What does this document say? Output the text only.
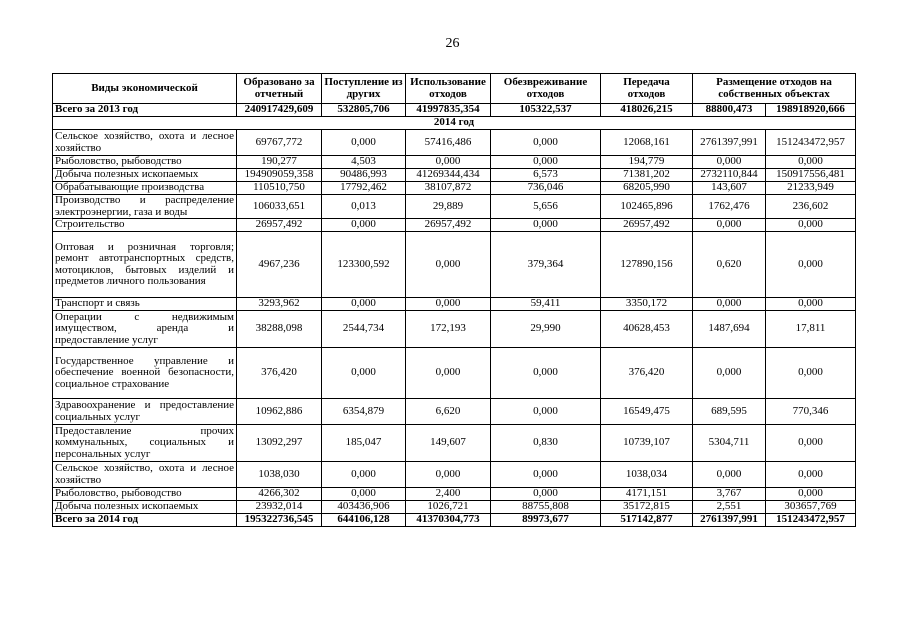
26
Виды экономической	Образовано за отчетный	Поступление из других	Использование отходов	Обезвреживание отходов	Передача отходов	Размещение отходов на собственных объектах	
Всего за 2013 год	240917429,609	532805,706	41997835,354	105322,537	418026,215	88800,473	198918920,666
2014 год							
Сельское хозяйство, охота и лесное хозяйство	69767,772	0,000	57416,486	0,000	12068,161	2761397,991	151243472,957
Рыболовство, рыбоводство	190,277	4,503	0,000	0,000	194,779	0,000	0,000
Добыча полезных ископаемых	194909059,358	90486,993	41269344,434	6,573	71381,202	2732110,844	150917556,481
Обрабатывающие производства	110510,750	17792,462	38107,872	736,046	68205,990	143,607	21233,949
Производство и распределение электроэнергии, газа и воды	106033,651	0,013	29,889	5,656	102465,896	1762,476	236,602
Строительство	26957,492	0,000	26957,492	0,000	26957,492	0,000	0,000
Оптовая и розничная торговля; ремонт автотранспортных средств, мотоциклов, бытовых изделий и предметов личного пользования	4967,236	123300,592	0,000	379,364	127890,156	0,620	0,000
Транспорт и связь	3293,962	0,000	0,000	59,411	3350,172	0,000	0,000
Операции с недвижимым имуществом, аренда и предоставление услуг	38288,098	2544,734	172,193	29,990	40628,453	1487,694	17,811
Государственное управление и обеспечение военной безопасности, социальное страхование	376,420	0,000	0,000	0,000	376,420	0,000	0,000
Здравоохранение и предоставление социальных услуг	10962,886	6354,879	6,620	0,000	16549,475	689,595	770,346
Предоставление прочих коммунальных, социальных и персональных услуг	13092,297	185,047	149,607	0,830	10739,107	5304,711	0,000
Сельское хозяйство, охота и лесное хозяйство	1038,030	0,000	0,000	0,000	1038,034	0,000	0,000
Рыболовство, рыбоводство	4266,302	0,000	2,400	0,000	4171,151	3,767	0,000
Добыча полезных ископаемых	23932,014	403436,906	1026,721	88755,808	35172,815	2,551	303657,769
Всего за 2014 год	195322736,545	644106,128	41370304,773	89973,677	517142,877	2761397,991	151243472,957
